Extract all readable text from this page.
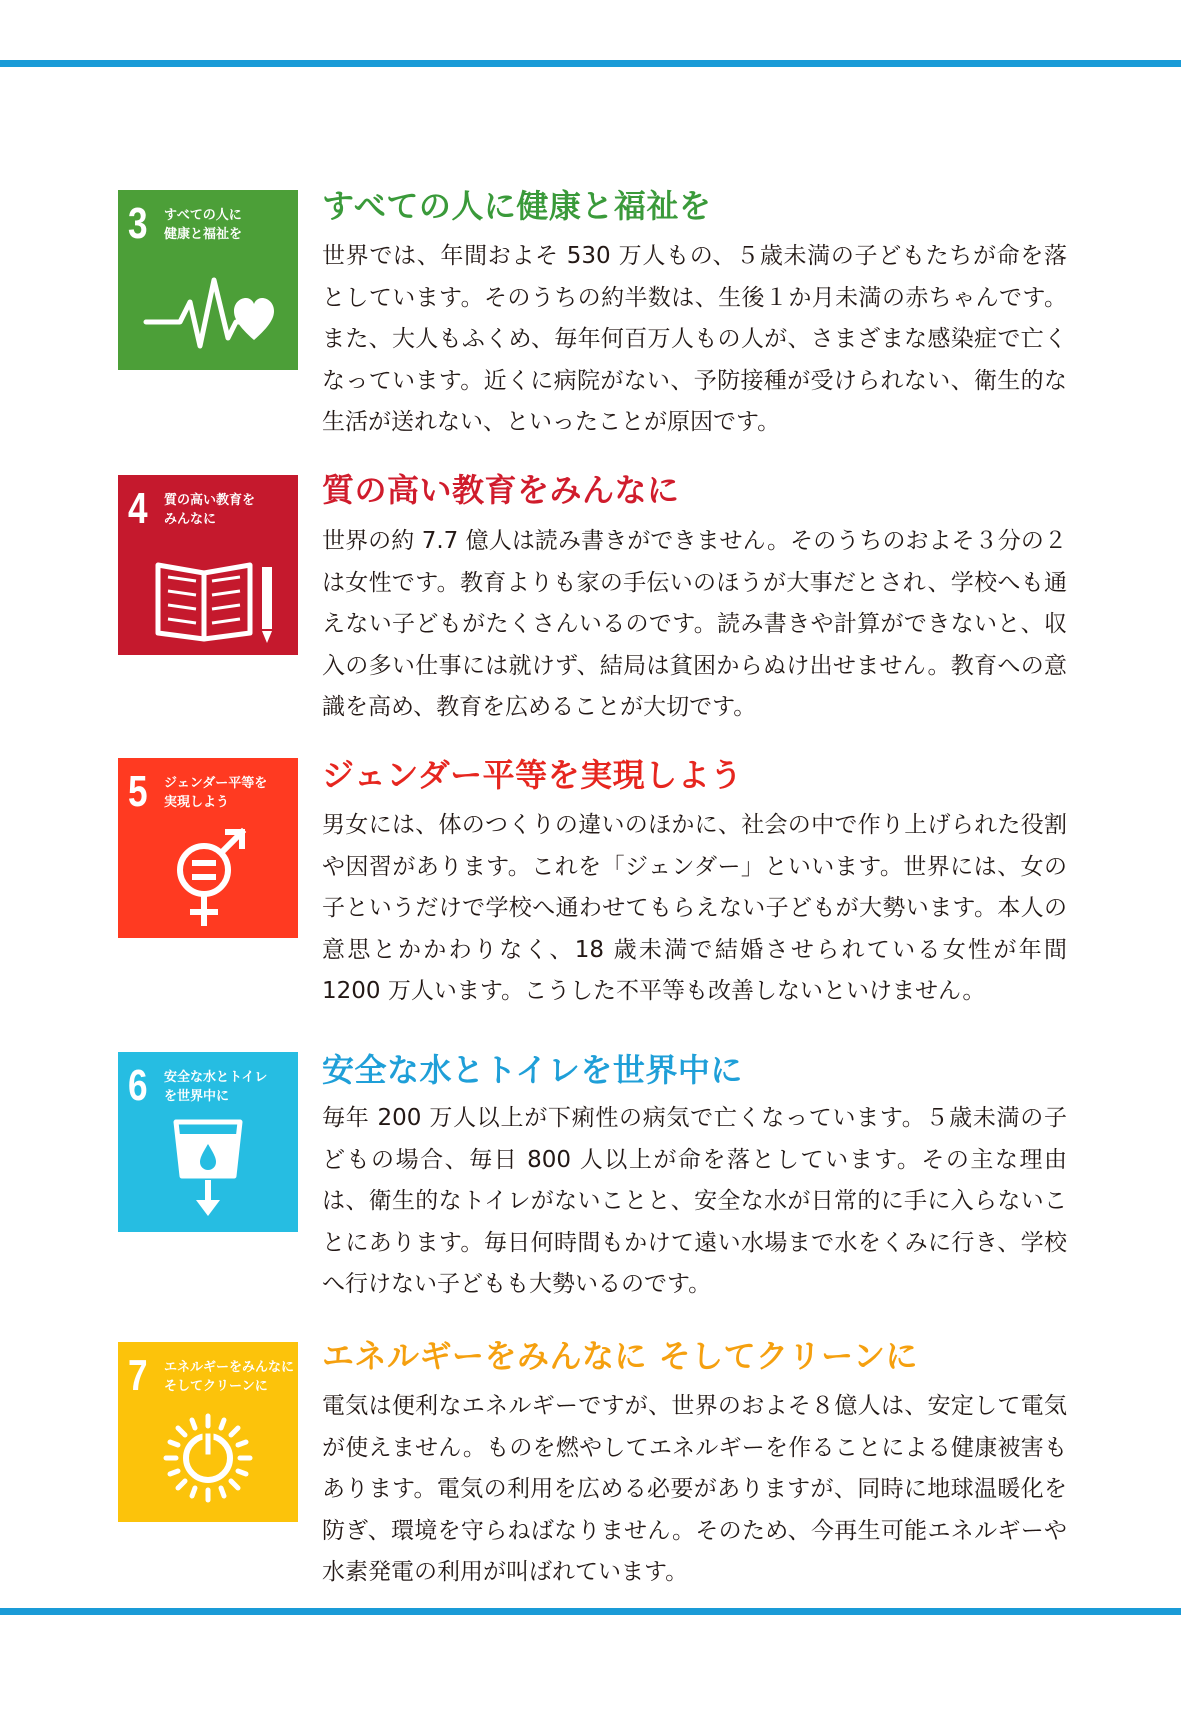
3 すべての人に
健康と福祉を
すべての人に健康と福祉を
世界では、年間およそ 530 万人もの、５歳未満の子どもたちが命を落としています。そのうちの約半数は、生後１か月未満の赤ちゃんです。また、大人もふくめ、毎年何百万人もの人が、さまざまな感染症で亡くなっています。近くに病院がない、予防接種が受けられない、衛生的な生活が送れない、といったことが原因です。
4 質の高い教育を
みんなに
質の高い教育をみんなに
世界の約 7.7 億人は読み書きができません。そのうちのおよそ３分の２は女性です。教育よりも家の手伝いのほうが大事だとされ、学校へも通えない子どもがたくさんいるのです。読み書きや計算ができないと、収入の多い仕事には就けず、結局は貧困からぬけ出せません。教育への意識を高め、教育を広めることが大切です。
5 ジェンダー平等を
実現しよう
ジェンダー平等を実現しよう
男女には、体のつくりの違いのほかに、社会の中で作り上げられた役割や因習があります。これを「ジェンダー」といいます。世界には、女の子というだけで学校へ通わせてもらえない子どもが大勢います。本人の意思とかかわりなく、18 歳未満で結婚させられている女性が年間 1200 万人います。こうした不平等も改善しないといけません。
6 安全な水とトイレ
を世界中に
安全な水とトイレを世界中に
毎年 200 万人以上が下痢性の病気で亡くなっています。５歳未満の子どもの場合、毎日 800 人以上が命を落としています。その主な理由は、衛生的なトイレがないことと、安全な水が日常的に手に入らないことにあります。毎日何時間もかけて遠い水場まで水をくみに行き、学校へ行けない子どもも大勢いるのです。
7 エネルギーをみんなに
そしてクリーンに
エネルギーをみんなに そしてクリーンに
電気は便利なエネルギーですが、世界のおよそ８億人は、安定して電気が使えません。ものを燃やしてエネルギーを作ることによる健康被害もあります。電気の利用を広める必要がありますが、同時に地球温暖化を防ぎ、環境を守らねばなりません。そのため、今再生可能エネルギーや水素発電の利用が叫ばれています。
